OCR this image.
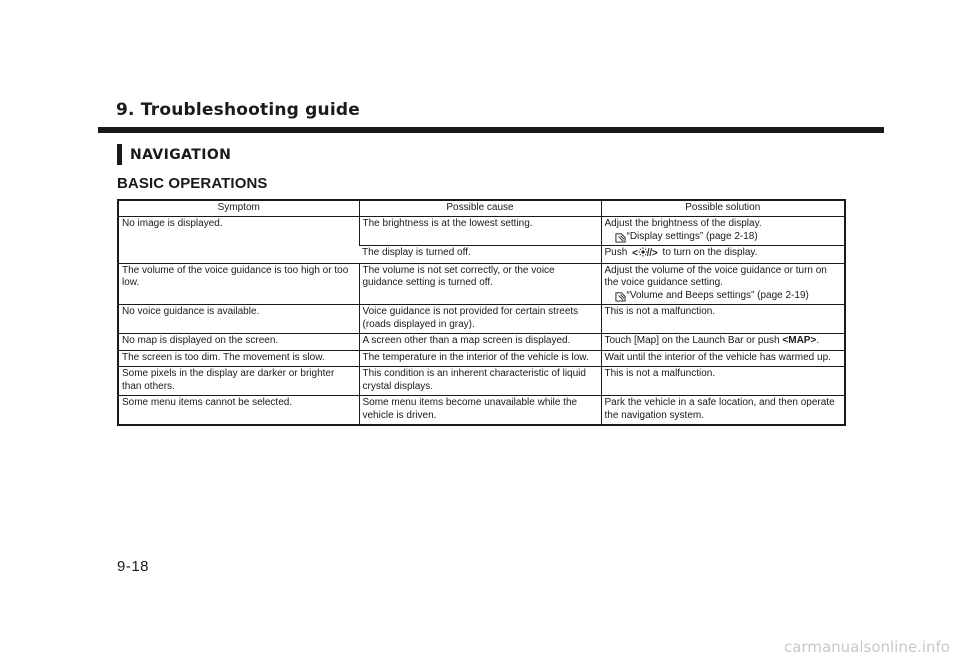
9. Troubleshooting guide
NAVIGATION
BASIC OPERATIONS
Symptom	Possible cause	Possible solution
No image is displayed.	The brightness is at the lowest setting.	Adjust the brightness of the display.
“Display settings” (page 2-18)

	The display is turned off.	Push < > to turn on the display.
The volume of the voice guidance is too high or too low.	The volume is not set correctly, or the voice guidance setting is turned off.	Adjust the volume of the voice guidance or turn on the voice guidance setting.
“Volume and Beeps settings” (page 2-19)

No voice guidance is available.	Voice guidance is not provided for certain streets (roads displayed in gray).	This is not a malfunction.
No map is displayed on the screen.	A screen other than a map screen is displayed.	Touch [Map] on the Launch Bar or push <MAP>.
The screen is too dim. The movement is slow.	The temperature in the interior of the vehicle is low.	Wait until the interior of the vehicle has warmed up.
Some pixels in the display are darker or brighter than others.	This condition is an inherent characteristic of liquid crystal displays.	This is not a malfunction.
Some menu items cannot be selected.	Some menu items become unavailable while the vehicle is driven.	Park the vehicle in a safe location, and then operate the navigation system.

9-18

carmanualsonline.info
